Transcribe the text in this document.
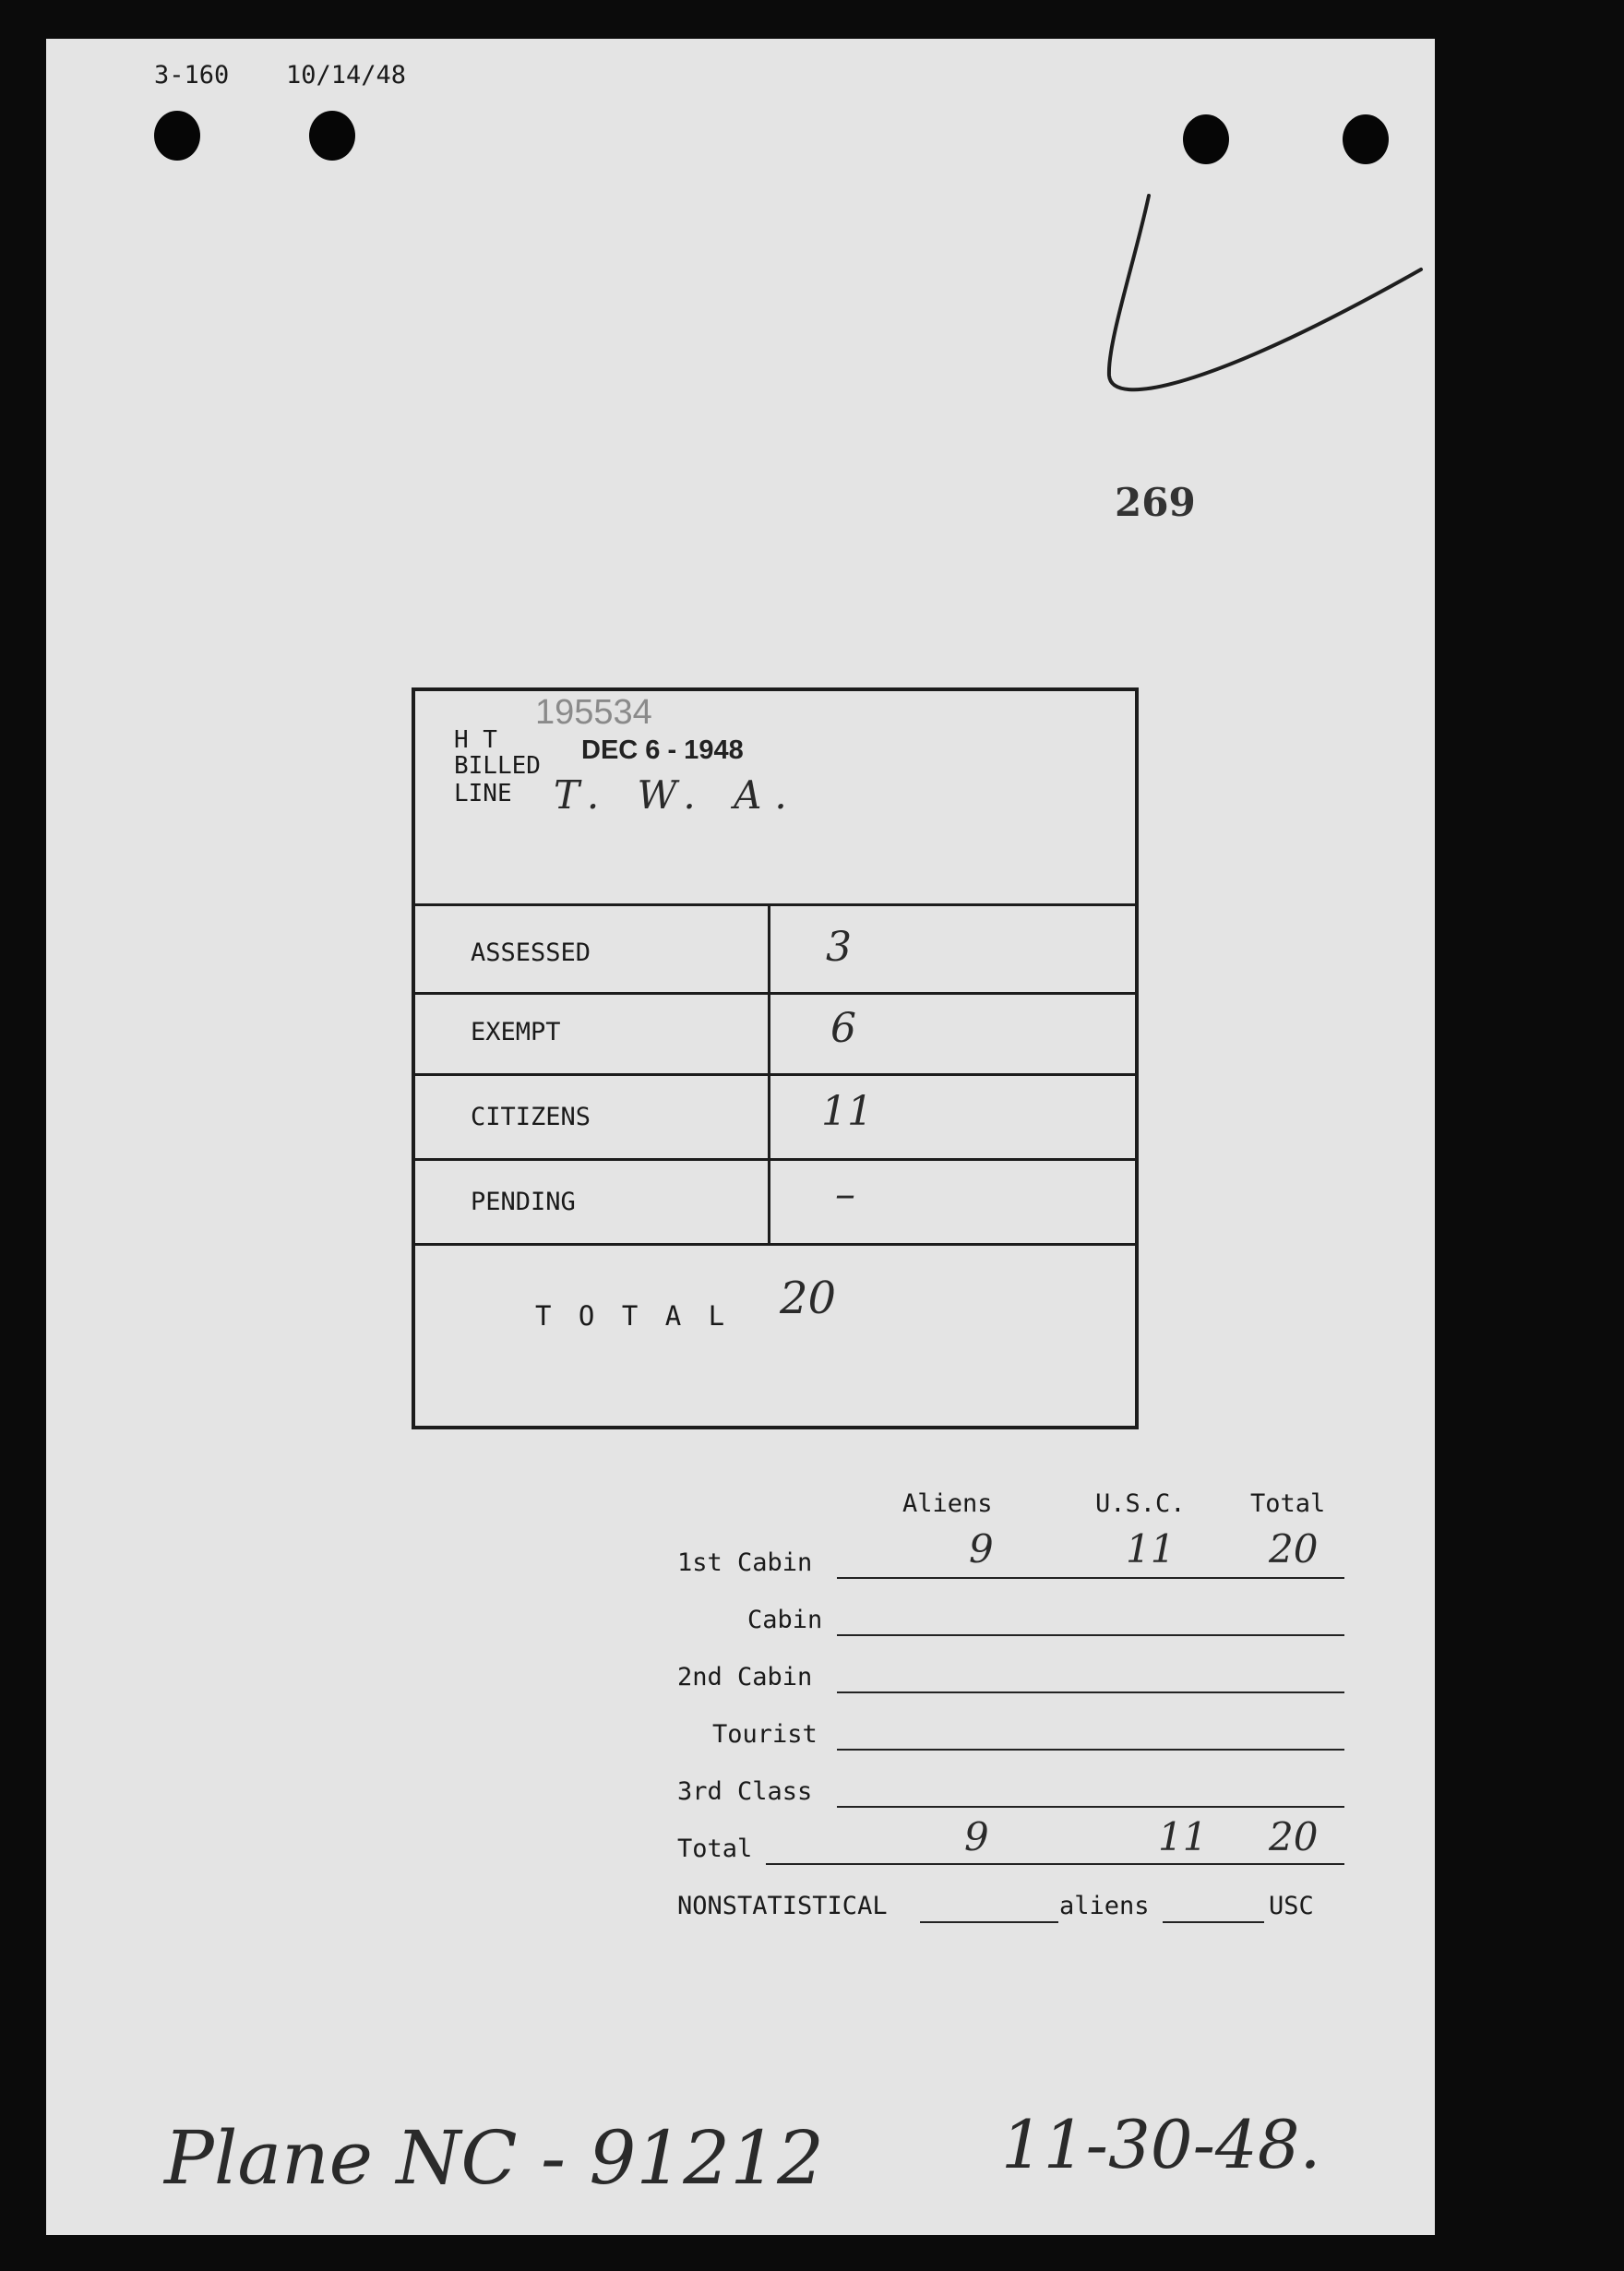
3-160 10/14/48
269
195534
H T
BILLED
DEC 6 - 1948
LINE T. W. A.
ASSESSED	3
EXEMPT	6
CITIZENS	11
PENDING	–
T O T A L 20
Aliens	U.S.C.	Total
1st Cabin	9	11 20
Cabin
2nd Cabin
Tourist
3rd Class
Total	9	11 20
NONSTATISTICAL	aliens	USC
Plane NC - 91212	11-30-48.
